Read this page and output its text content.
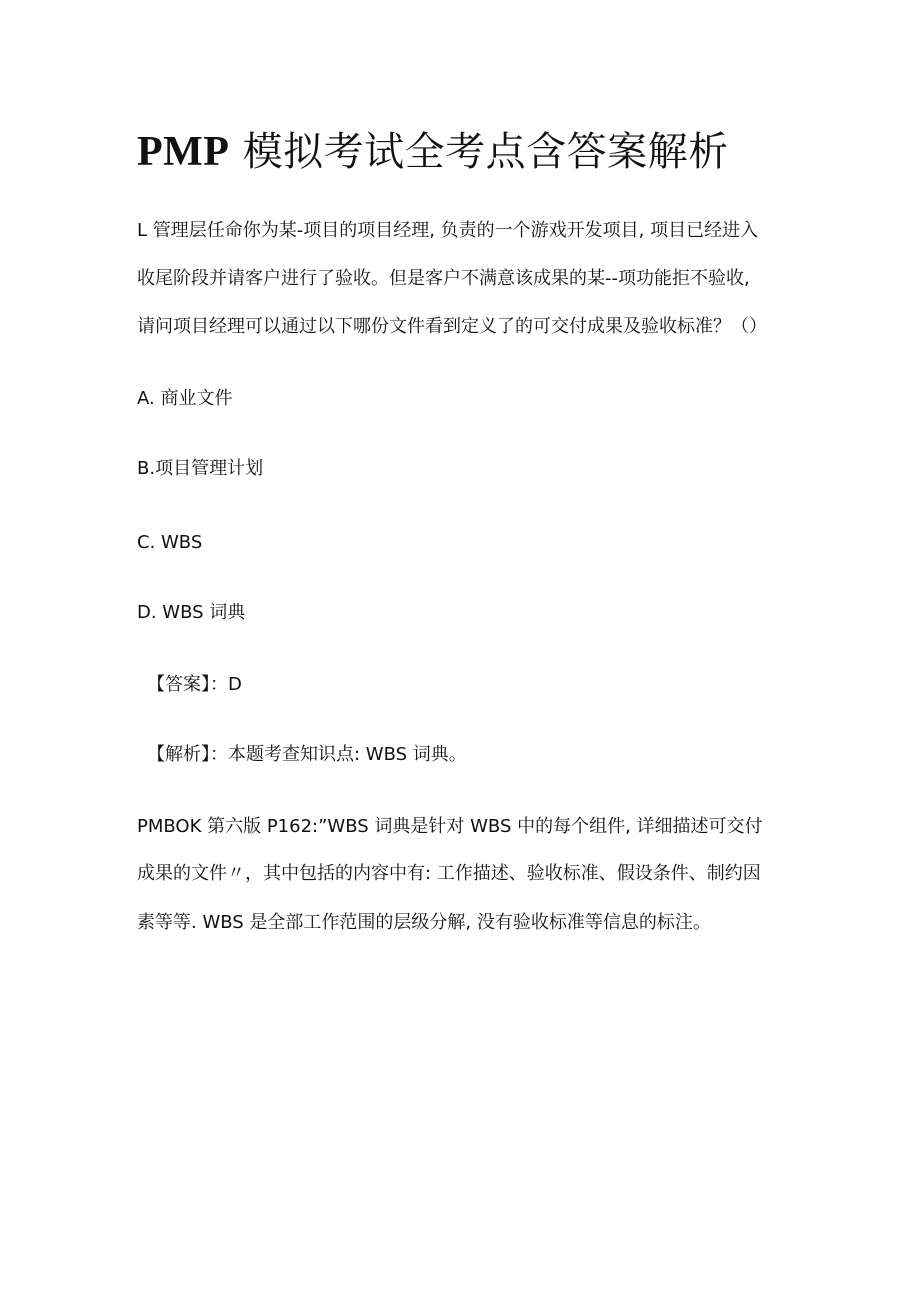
PMP 模拟考试全考点含答案解析

L 管理层任命你为某-项目的项目经理, 负责的一个游戏开发项目, 项目已经进入

收尾阶段并请客户进行了验收。但是客户不满意该成果的某--项功能拒不验收,

请问项目经理可以通过以下哪份文件看到定义了的可交付成果及验收标准？（）

A. 商业文件

B.项目管理计划

C. WBS

D. WBS 词典

【答案】：D

【解析】：本题考查知识点: WBS 词典。

PMBOK 第六版 P162:”WBS 词典是针对 WBS 中的每个组件, 详细描述可交付

成果的文件〃，其中包括的内容中有: 工作描述、验收标准、假设条件、制约因

素等等. WBS 是全部工作范围的层级分解, 没有验收标准等信息的标注。
